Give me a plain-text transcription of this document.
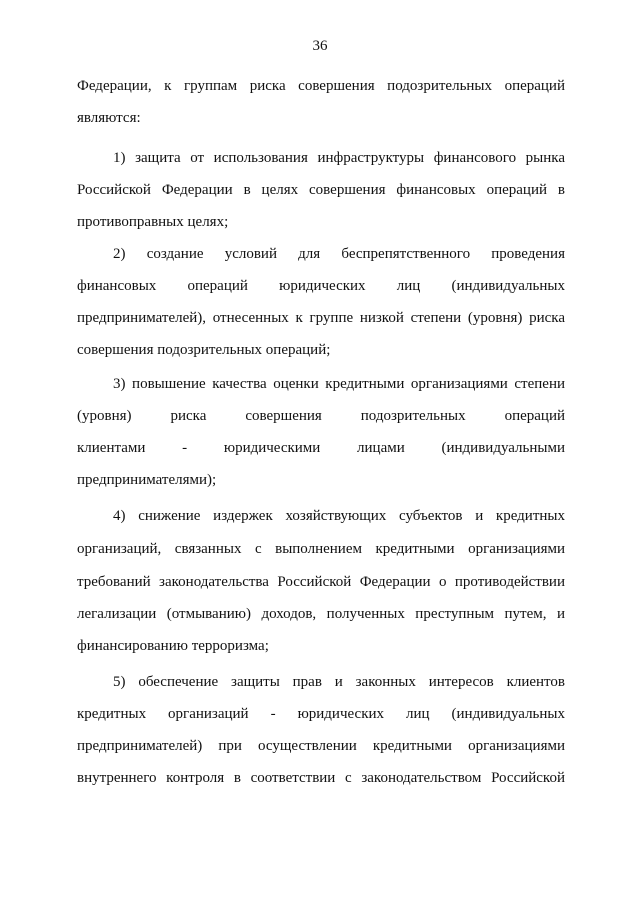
36
Федерации, к группам риска совершения подозрительных операций
являются:
1) защита от использования инфраструктуры финансового рынка
Российской Федерации в целях совершения финансовых операций в
противоправных целях;
2) создание условий для беспрепятственного проведения
финансовых операций юридических лиц (индивидуальных
предпринимателей), отнесенных к группе низкой степени (уровня) риска
совершения подозрительных операций;
3) повышение качества оценки кредитными организациями степени
(уровня) риска совершения подозрительных операций
клиентами - юридическими лицами (индивидуальными
предпринимателями);
4) снижение издержек хозяйствующих субъектов и кредитных
организаций, связанных с выполнением кредитными организациями
требований законодательства Российской Федерации о противодействии
легализации (отмыванию) доходов, полученных преступным путем, и
финансированию терроризма;
5) обеспечение защиты прав и законных интересов клиентов
кредитных организаций - юридических лиц (индивидуальных
предпринимателей) при осуществлении кредитными организациями
внутреннего контроля в соответствии с законодательством Российской
